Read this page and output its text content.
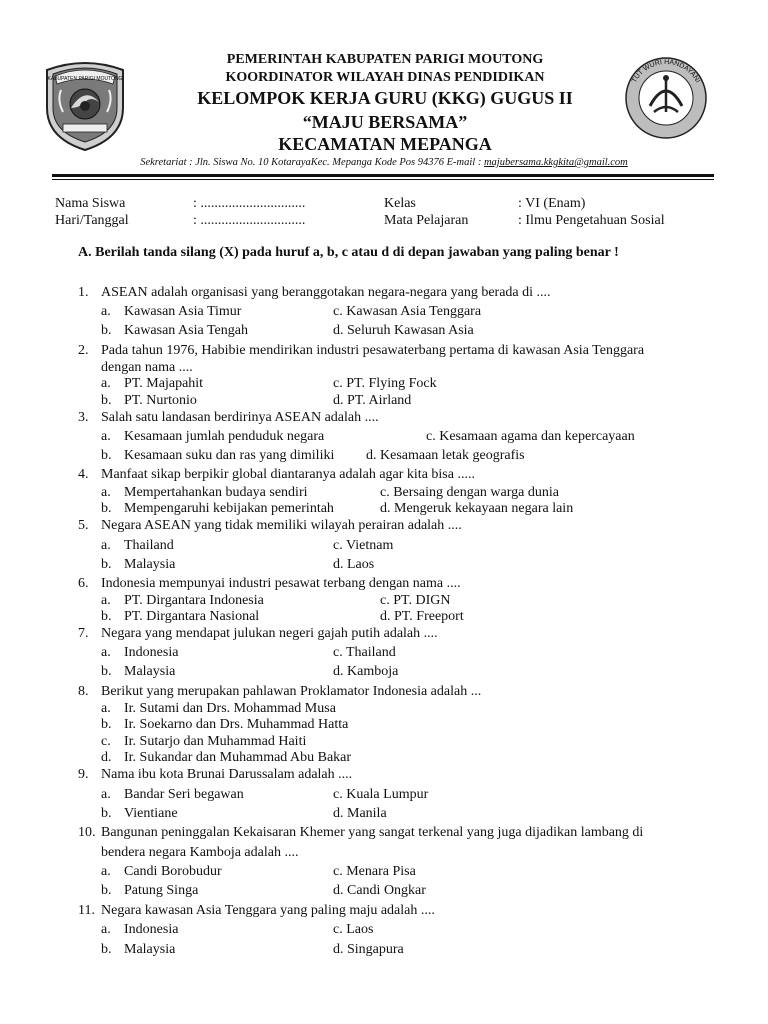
KABUPATEN PARIGI MOUTONG	TUT WURI HANDAYANI
PEMERINTAH KABUPATEN PARIGI MOUTONG
KOORDINATOR WILAYAH DINAS PENDIDIKAN
KELOMPOK KERJA GURU (KKG) GUGUS II
“MAJU BERSAMA”
KECAMATAN MEPANGA
Sekretariat : Jln. Siswa No. 10 KotarayaKec. Mepanga Kode Pos 94376 E-mail : majubersama.kkgkita@gmail.com
Nama Siswa	: ..............................
Hari/Tanggal	: ..............................
Kelas	: VI (Enam)
Mata Pelajaran	: Ilmu Pengetahuan Sosial
A. Berilah tanda silang (X) pada huruf a, b, c atau d di depan jawaban yang paling benar !
1. ASEAN adalah organisasi yang beranggotakan negara-negara yang berada di ....
a. Kawasan Asia Timur	c. Kawasan Asia Tenggara
b. Kawasan Asia Tengah	d. Seluruh Kawasan Asia
2. Pada tahun 1976, Habibie mendirikan industri pesawaterbang pertama di kawasan Asia Tenggara
dengan nama ....
a. PT. Majapahit	c. PT. Flying Fock
b. PT. Nurtonio	d. PT. Airland
3. Salah satu landasan berdirinya ASEAN adalah ....
a. Kesamaan jumlah penduduk negara	c. Kesamaan agama dan kepercayaan
b. Kesamaan suku dan ras yang dimiliki d. Kesamaan letak geografis
4. Manfaat sikap berpikir global diantaranya adalah agar kita bisa .....
a. Mempertahankan budaya sendiri	c. Bersaing dengan warga dunia
b. Mempengaruhi kebijakan pemerintah	d. Mengeruk kekayaan negara lain
5. Negara ASEAN yang tidak memiliki wilayah perairan adalah ....
a. Thailand	c. Vietnam
b. Malaysia	d. Laos
6. Indonesia mempunyai industri pesawat terbang dengan nama ....
a. PT. Dirgantara Indonesia	c. PT. DIGN
b. PT. Dirgantara Nasional	d. PT. Freeport
7. Negara yang mendapat julukan negeri gajah putih adalah ....
a. Indonesia	c. Thailand
b. Malaysia	d. Kamboja
8. Berikut yang merupakan pahlawan Proklamator Indonesia adalah ...
a. Ir. Sutami dan Drs. Mohammad Musa
b. Ir. Soekarno dan Drs. Muhammad Hatta
c. Ir. Sutarjo dan Muhammad Haiti
d. Ir. Sukandar dan Muhammad Abu Bakar
9. Nama ibu kota Brunai Darussalam adalah ....
a. Bandar Seri begawan	c. Kuala Lumpur
b. Vientiane	d. Manila
10. Bangunan peninggalan Kekaisaran Khemer yang sangat terkenal yang juga dijadikan lambang di
bendera negara Kamboja adalah ....
a. Candi Borobudur	c. Menara Pisa
b. Patung Singa	d. Candi Ongkar
11. Negara kawasan Asia Tenggara yang paling maju adalah ....
a. Indonesia	c. Laos
b. Malaysia	d. Singapura
